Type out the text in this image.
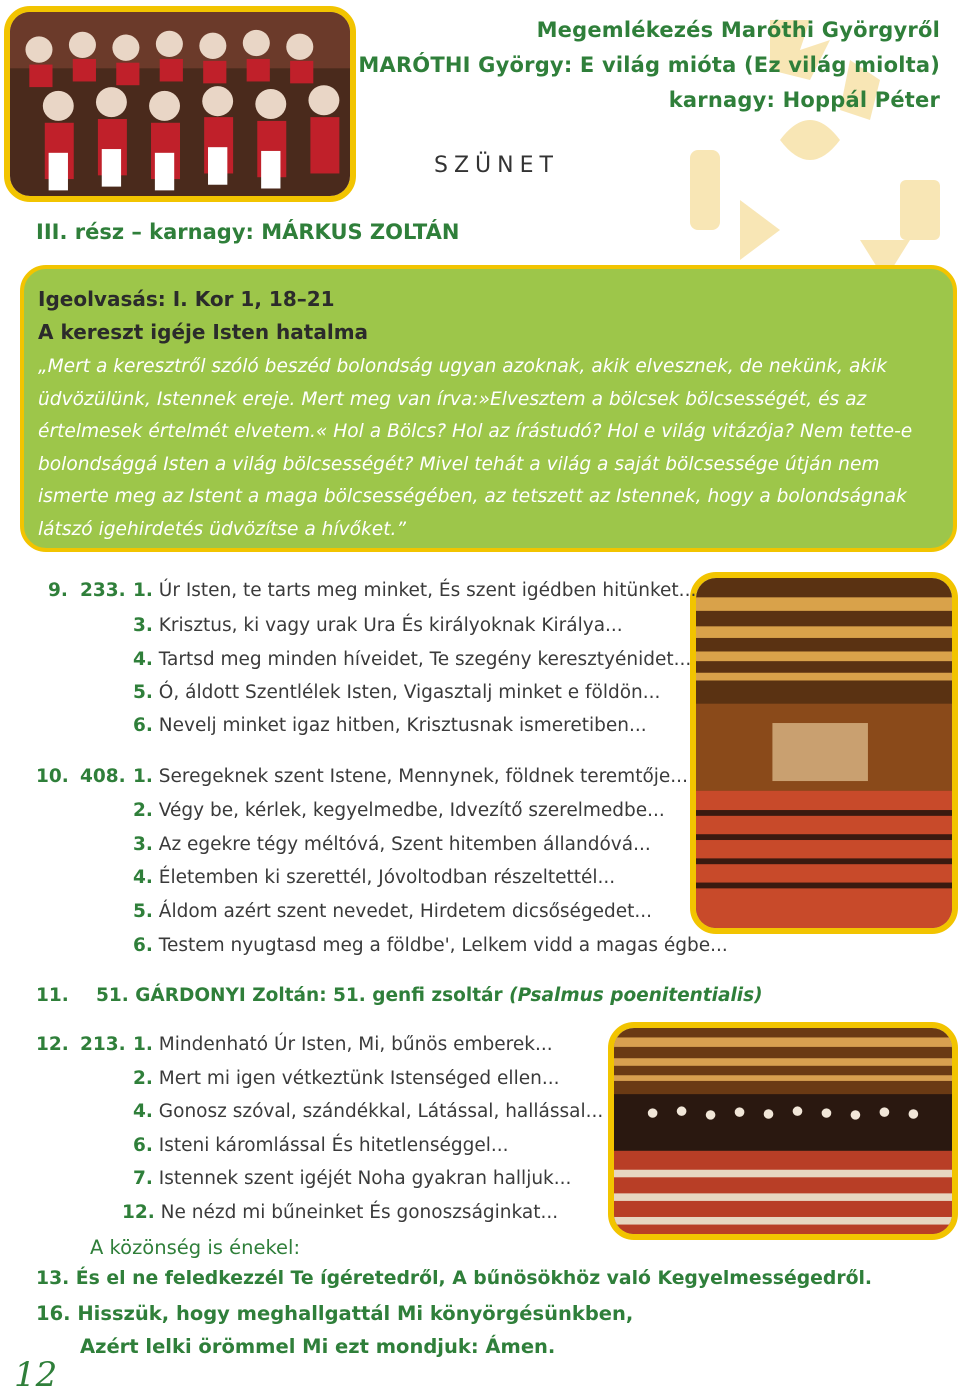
Megemlékezés Maróthi Györgyről
MARÓTHI György: E világ mióta (Ez világ miolta)
karnagy: Hoppál Péter
SZÜNET
III. rész – karnagy: MÁRKUS ZOLTÁN
Igeolvasás: I. Kor 1, 18–21
A kereszt igéje Isten hatalma
„Mert a keresztről szóló beszéd bolondság ugyan azoknak, akik elvesznek, de nekünk, akik üdvözülünk, Istennek ereje. Mert meg van írva:»Elvesztem a bölcsek bölcsességét, és az értelmesek értelmét elvetem.« Hol a Bölcs? Hol az írástudó? Hol e világ vitázója? Nem tette-e bolondsággá Isten a világ bölcsességét? Mivel tehát a világ a saját bölcsessége útján nem ismerte meg az Istent a maga bölcsességében, az tetszett az Istennek, hogy a bolondságnak látszó igehirdetés üdvözítse a hívőket.”
9. 233. 1. Úr Isten, te tarts meg minket, És szent igédben hitünket...
3. Krisztus, ki vagy urak Ura És királyoknak Királya...
4. Tartsd meg minden híveidet, Te szegény keresztyénidet...
5. Ó, áldott Szentlélek Isten, Vigasztalj minket e földön...
6. Nevelj minket igaz hitben, Krisztusnak ismeretiben...
10. 408. 1. Seregeknek szent Istene, Mennynek, földnek teremtője...
2. Végy be, kérlek, kegyelmedbe, Idvezítő szerelmedbe...
3. Az egekre tégy méltóvá, Szent hitemben állandóvá...
4. Életemben ki szerettél, Jóvoltodban részeltettél...
5. Áldom azért szent nevedet, Hirdetem dicsőségedet...
6. Testem nyugtasd meg a földbe', Lelkem vidd a magas égbe...
11. 51. GÁRDONYI Zoltán: 51. genfi zsoltár (Psalmus poenitentialis)
12. 213. 1. Mindenható Úr Isten, Mi, bűnös emberek...
2. Mert mi igen vétkeztünk Istenséged ellen...
4. Gonosz szóval, szándékkal, Látással, hallással...
6. Isteni káromlással És hitetlenséggel...
7. Istennek szent igéjét Noha gyakran halljuk...
12. Ne nézd mi bűneinket És gonoszságinkat...
A közönség is énekel:
13. És el ne feledkezzél Te ígéretedről, A bűnösökhöz való Kegyelmességedről.
16. Hisszük, hogy meghallgattál Mi könyörgésünkben,
Azért lelki örömmel Mi ezt mondjuk: Ámen.
12
